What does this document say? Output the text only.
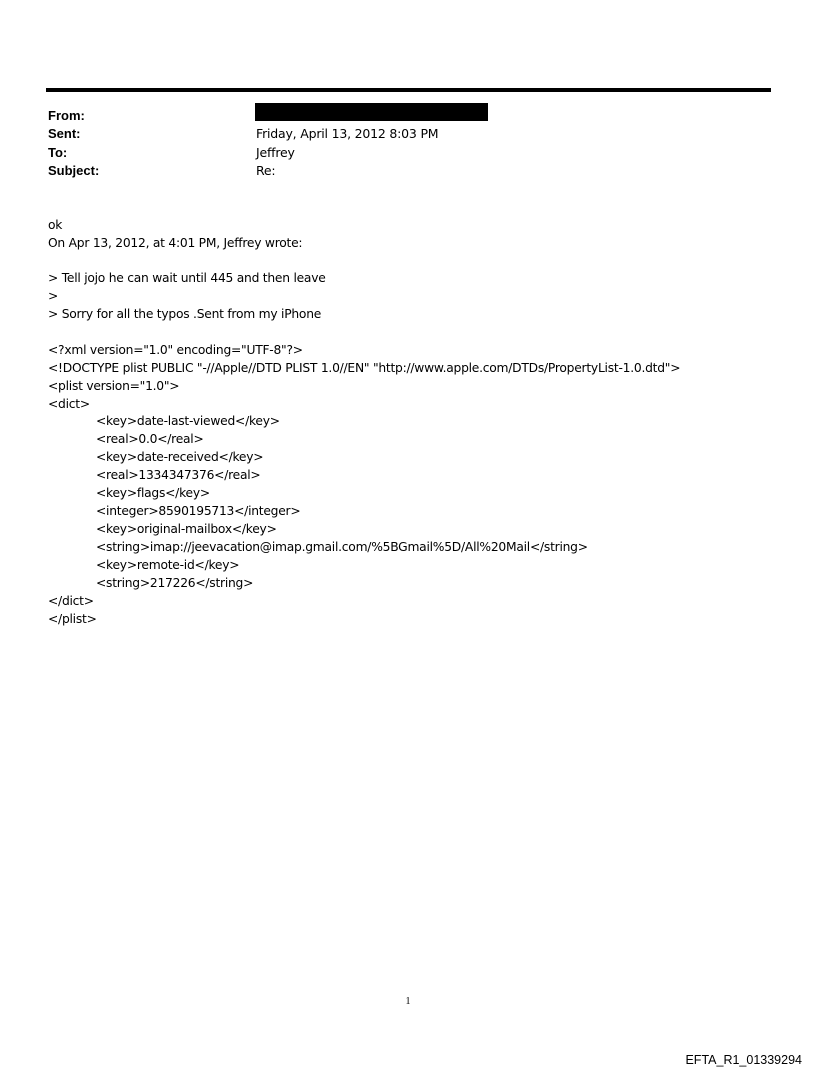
From:
Sent:	Friday, April 13, 2012 8:03 PM
To:	Jeffrey
Subject:	Re:
ok
On Apr 13, 2012, at 4:01 PM, Jeffrey wrote:
> Tell jojo he can wait until 445 and then leave
>
> Sorry for all the typos .Sent from my iPhone
<?xml version="1.0" encoding="UTF-8"?>
<!DOCTYPE plist PUBLIC "-//Apple//DTD PLIST 1.0//EN" "http://www.apple.com/DTDs/PropertyList-1.0.dtd">
<plist version="1.0">
<dict>
<key>date-last-viewed</key>
<real>0.0</real>
<key>date-received</key>
<real>1334347376</real>
<key>flags</key>
<integer>8590195713</integer>
<key>original-mailbox</key>
<string>imap://jeevacation@imap.gmail.com/%5BGmail%5D/All%20Mail</string>
<key>remote-id</key>
<string>217226</string>
</dict>
</plist>
1
EFTA_R1_01339294
